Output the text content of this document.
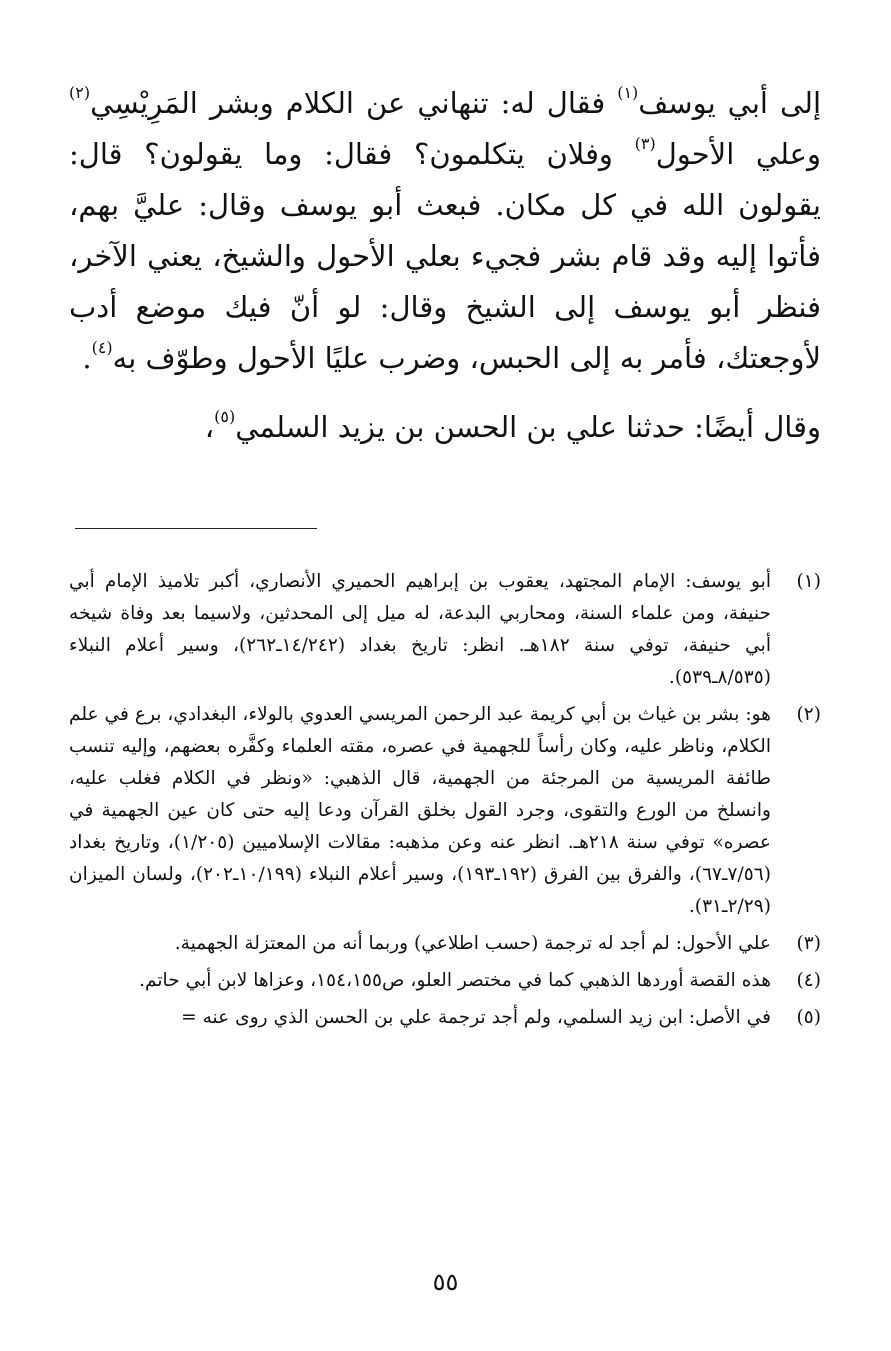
إلى أبي يوسف$^{(١)}$ فقال له: تنهاني عن الكلام وبشر المَرِيْسِي$^{(٢)}$ وعلي الأحول$^{(٣)}$ وفلان يتكلمون؟ فقال: وما يقولون؟ قال: يقولون الله في كل مكان. فبعث أبو يوسف وقال: عليَّ بهم، فأتوا إليه وقد قام بشر فجيء بعلي الأحول والشيخ، يعني الآخر، فنظر أبو يوسف إلى الشيخ وقال: لو أنّ فيك موضع أدب لأوجعتك، فأمر به إلى الحبس، وضرب عليًا الأحول وطوّف به$^{(٤)}$.

وقال أيضًا: حدثنا علي بن الحسن بن يزيد السلمي$^{(٥)}$،

(١)
أبو يوسف: الإمام المجتهد، يعقوب بن إبراهيم الحميري الأنصاري، أكبر تلاميذ الإمام أبي حنيفة، ومن علماء السنة، ومحاربي البدعة، له ميل إلى المحدثين، ولاسيما بعد وفاة شيخه أبي حنيفة، توفي سنة ١٨٢هـ. انظر: تاريخ بغداد (١٤/٢٤٢ـ٢٦٢)، وسير أعلام النبلاء (٨/٥٣٥ـ٥٣٩).
(٢)
هو: بشر بن غياث بن أبي كريمة عبد الرحمن المريسي العدوي بالولاء، البغدادي، برع في علم الكلام، وناظر عليه، وكان رأساً للجهمية في عصره، مقته العلماء وكفَّره بعضهم، وإليه تنسب طائفة المريسية من المرجئة من الجهمية، قال الذهبي: «ونظر في الكلام فغلب عليه، وانسلخ من الورع والتقوى، وجرد القول بخلق القرآن ودعا إليه حتى كان عين الجهمية في عصره» توفي سنة ٢١٨هـ. انظر عنه وعن مذهبه: مقالات الإسلاميين (١/٢٠٥)، وتاريخ بغداد (٧/٥٦ـ٦٧)، والفرق بين الفرق (١٩٢ـ١٩٣)، وسير أعلام النبلاء (١٠/١٩٩ـ٢٠٢)، ولسان الميزان (٢/٢٩ـ٣١).
(٣)
علي الأحول: لم أجد له ترجمة (حسب اطلاعي) وربما أنه من المعتزلة الجهمية.
(٤)
هذه القصة أوردها الذهبي كما في مختصر العلو، ص١٥٤،١٥٥، وعزاها لابن أبي حاتم.
(٥)
في الأصل: ابن زيد السلمي، ولم أجد ترجمة علي بن الحسن الذي روى عنه =
٥٥
